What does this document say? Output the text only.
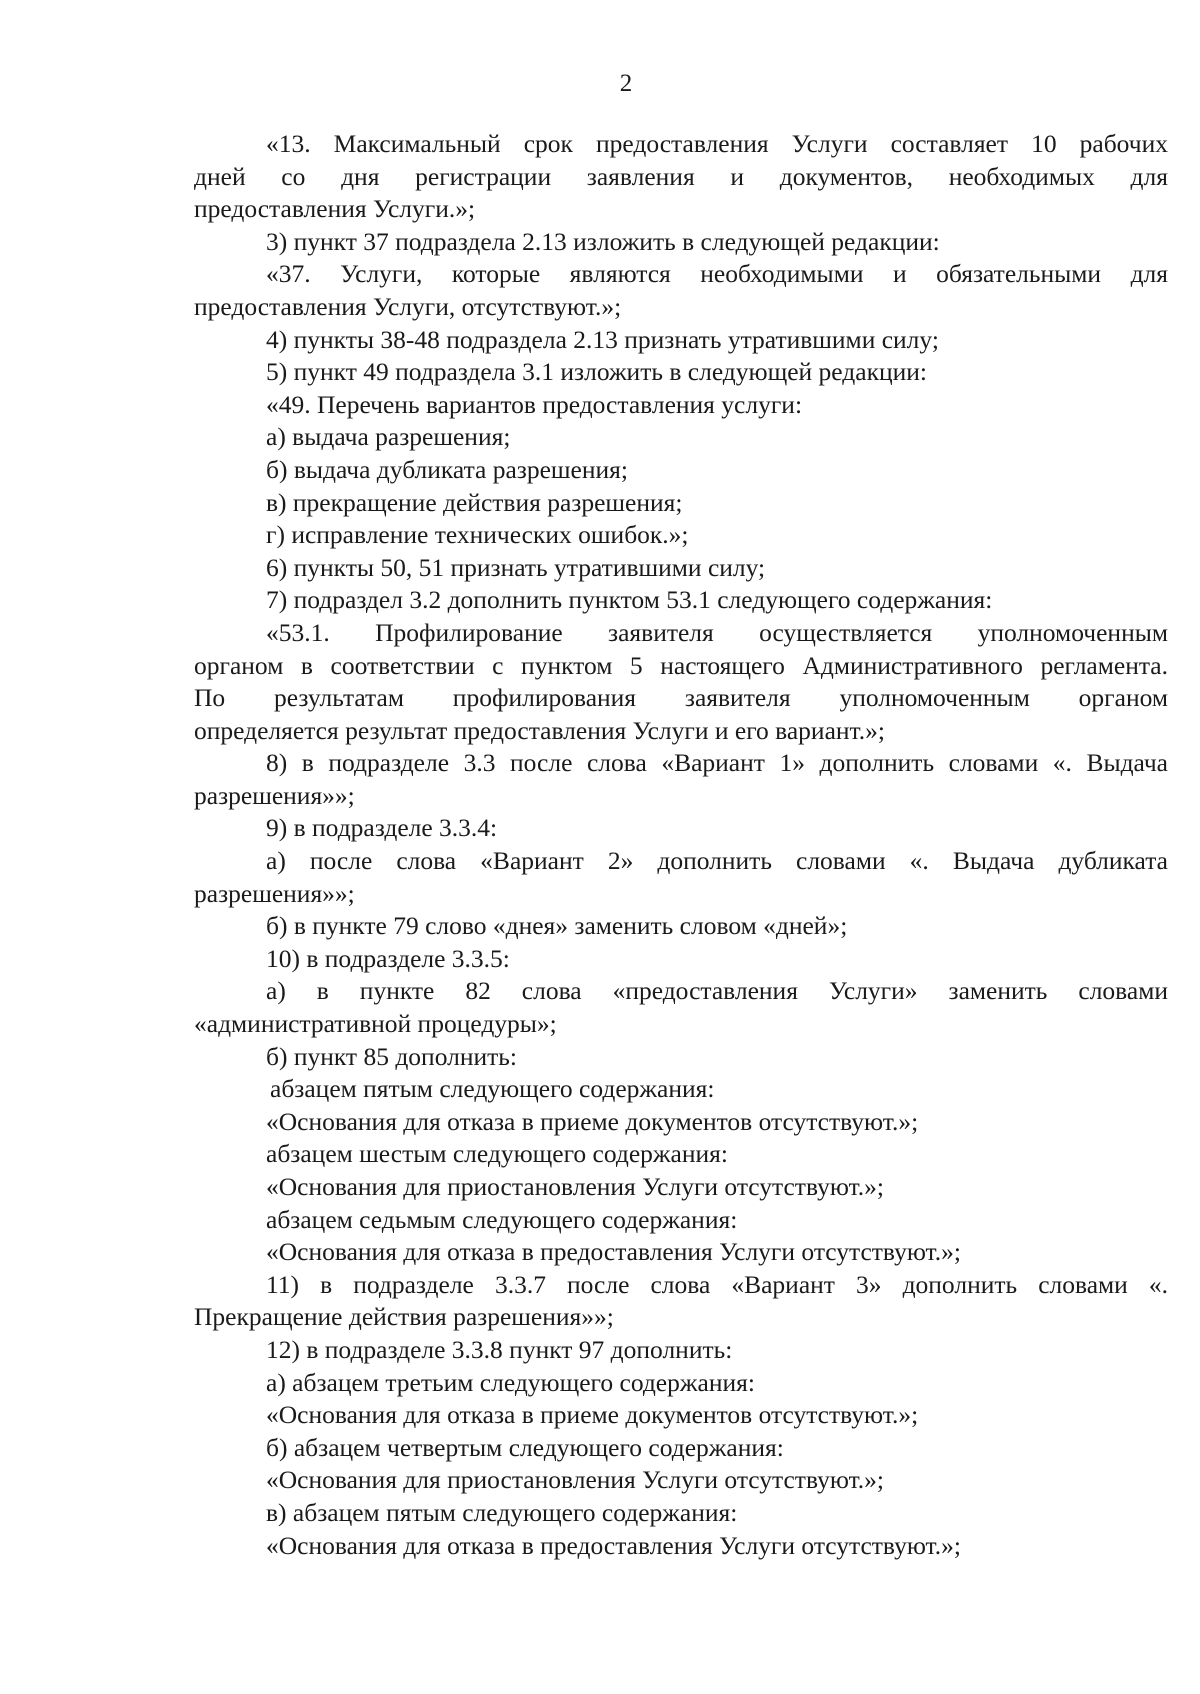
2

«13. Максимальный срок предоставления Услуги составляет 10 рабочих

дней со дня регистрации заявления и документов, необходимых для

предоставления Услуги.»;

3) пункт 37 подраздела 2.13 изложить в следующей редакции:

«37. Услуги, которые являются необходимыми и обязательными для

предоставления Услуги, отсутствуют.»;

4) пункты 38-48 подраздела 2.13 признать утратившими силу;

5) пункт 49 подраздела 3.1 изложить в следующей редакции:

«49. Перечень вариантов предоставления услуги:

а) выдача разрешения;

б) выдача дубликата разрешения;

в) прекращение действия разрешения;

г) исправление технических ошибок.»;

6) пункты 50, 51 признать утратившими силу;

7) подраздел 3.2 дополнить пунктом 53.1 следующего содержания:

«53.1. Профилирование заявителя осуществляется уполномоченным

органом в соответствии с пунктом 5 настоящего Административного регламента.

По результатам профилирования заявителя уполномоченным органом

определяется результат предоставления Услуги и его вариант.»;

8) в подразделе 3.3 после слова «Вариант 1» дополнить словами «. Выдача

разрешения»»;

9) в подразделе 3.3.4:

а) после слова «Вариант 2» дополнить словами «. Выдача дубликата

разрешения»»;

б) в пункте 79 слово «днея» заменить словом «дней»;

10) в подразделе 3.3.5:

а) в пункте 82 слова «предоставления Услуги» заменить словами

«административной процедуры»;

б) пункт 85 дополнить:

абзацем пятым следующего содержания:

«Основания для отказа в приеме документов отсутствуют.»;

абзацем шестым следующего содержания:

«Основания для приостановления Услуги отсутствуют.»;

абзацем седьмым следующего содержания:

«Основания для отказа в предоставления Услуги отсутствуют.»;

11) в подразделе 3.3.7 после слова «Вариант 3» дополнить словами «.

Прекращение действия разрешения»»;

12) в подразделе 3.3.8 пункт 97 дополнить:

а) абзацем третьим следующего содержания:

«Основания для отказа в приеме документов отсутствуют.»;

б) абзацем четвертым следующего содержания:

«Основания для приостановления Услуги отсутствуют.»;

в) абзацем пятым следующего содержания:

«Основания для отказа в предоставления Услуги отсутствуют.»;
